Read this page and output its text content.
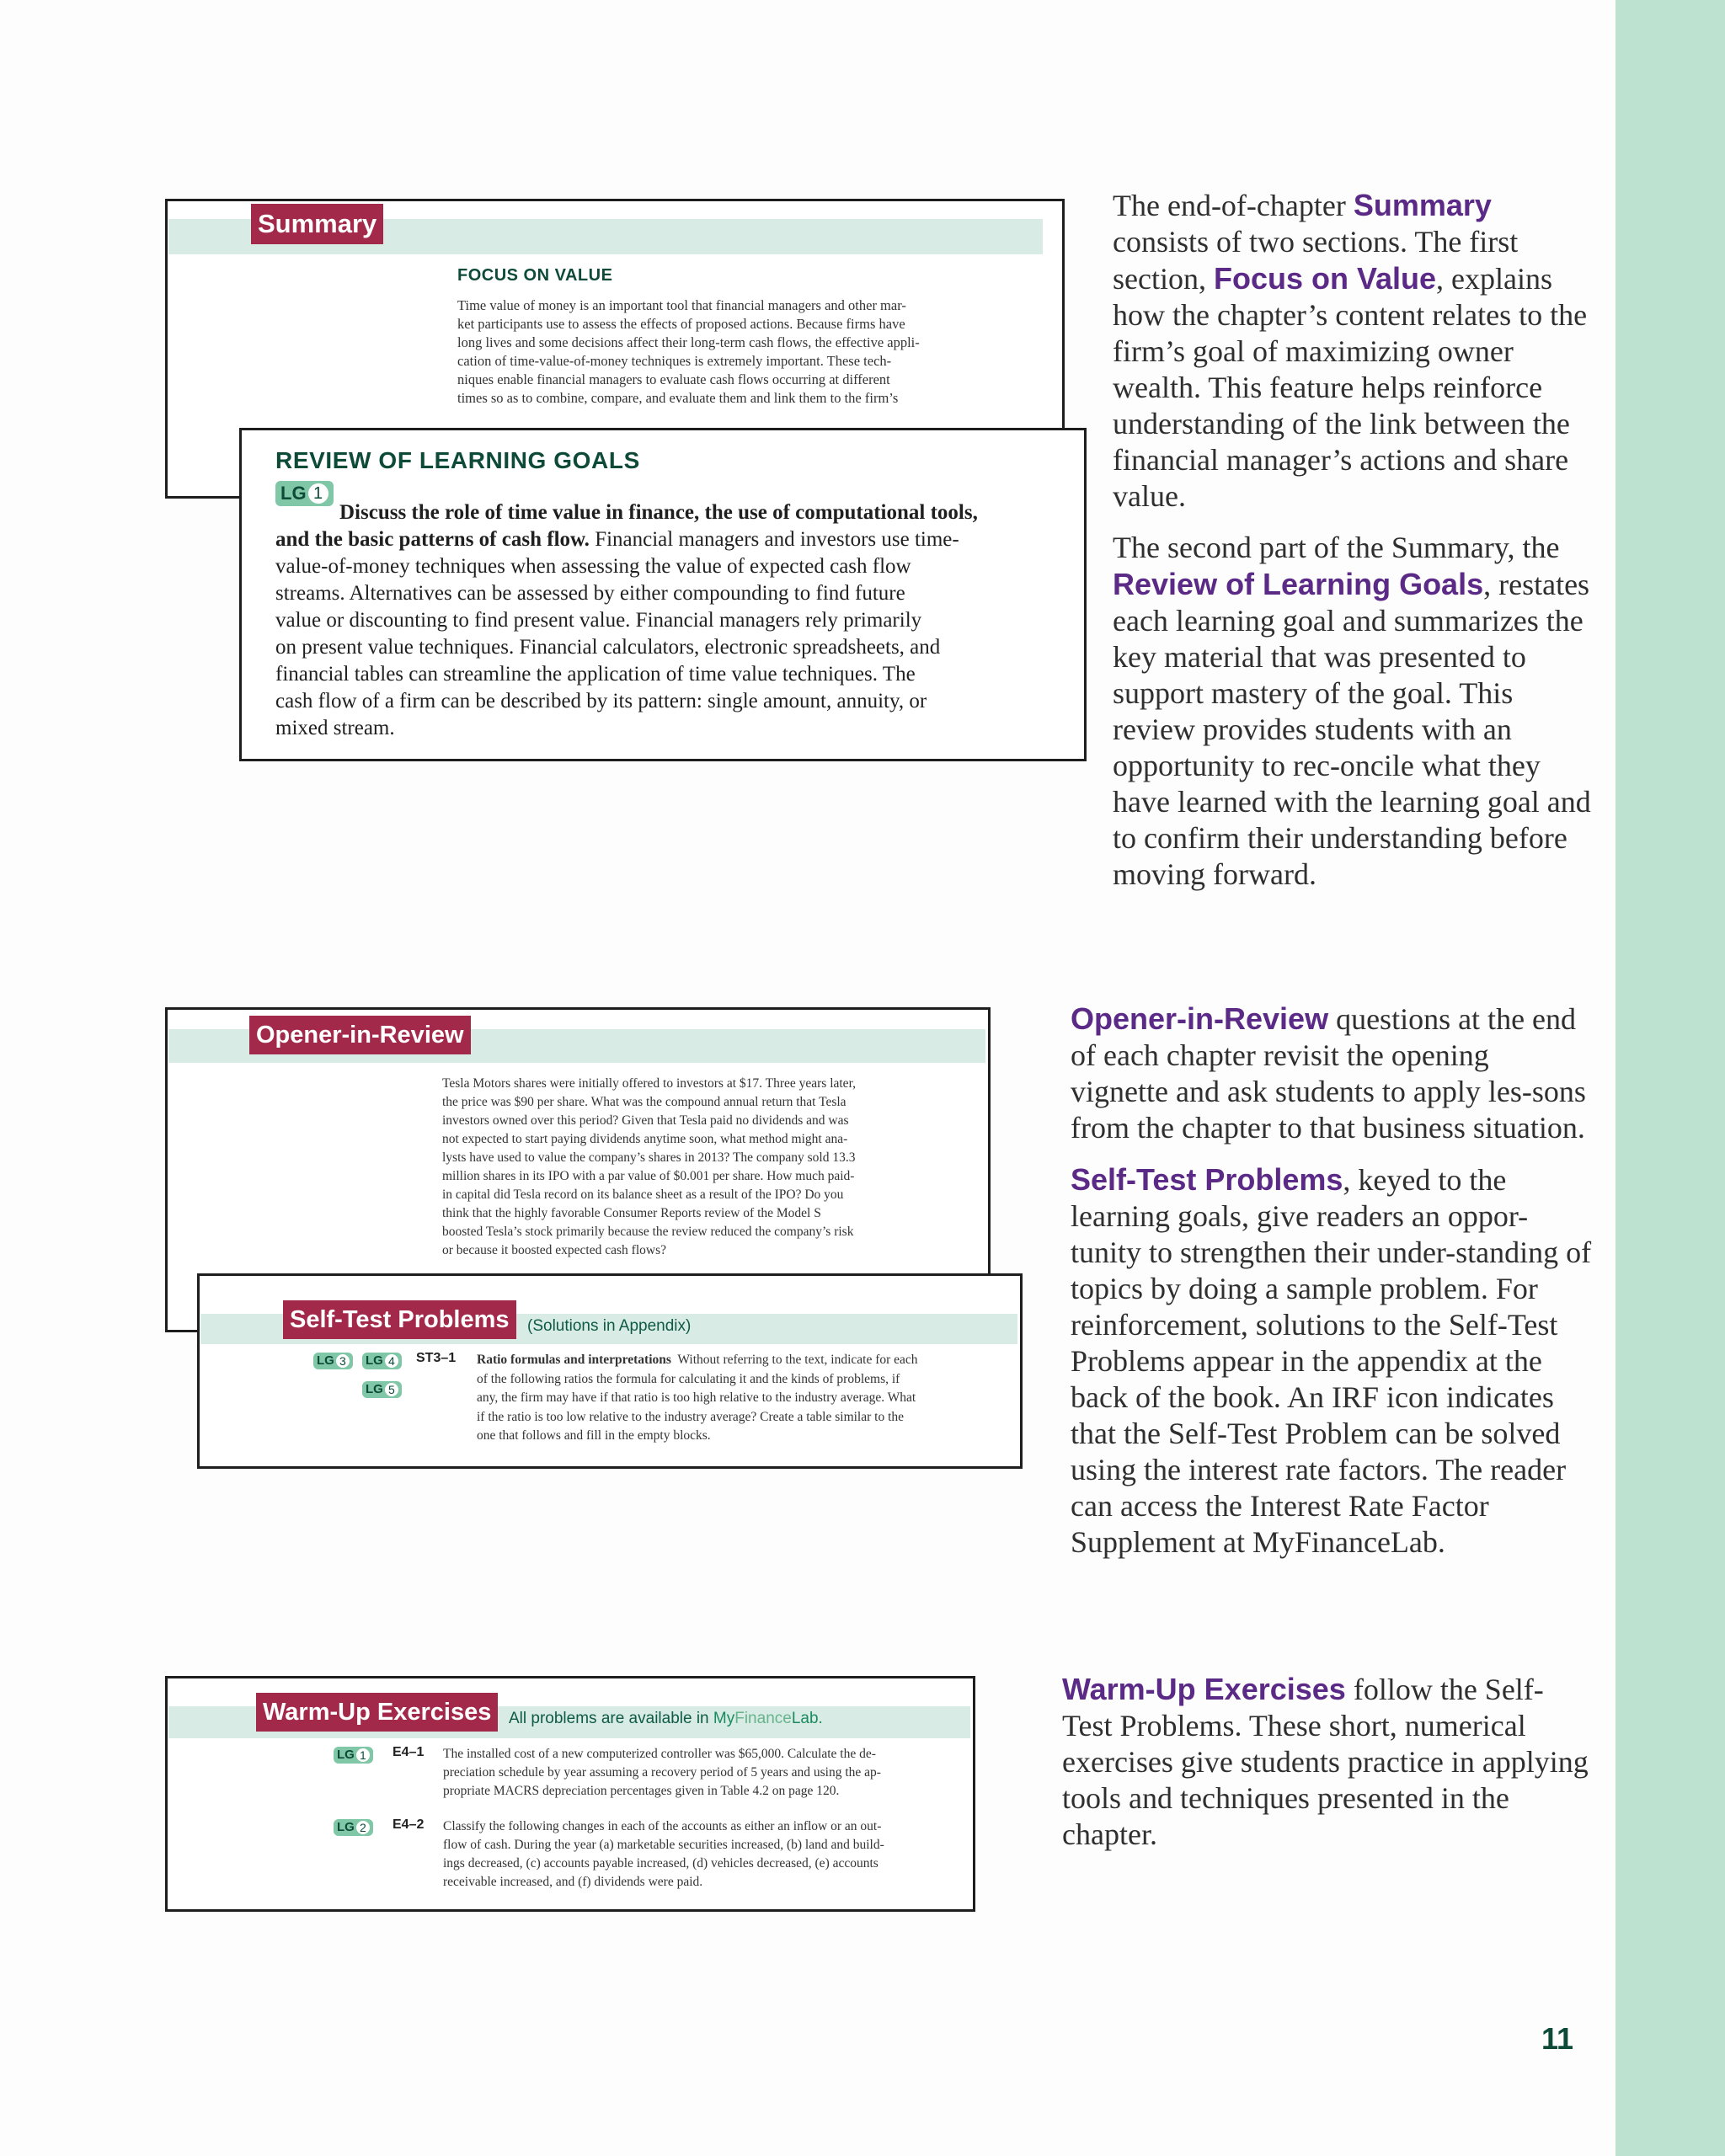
Summary
FOCUS ON VALUE
Time value of money is an important tool that financial managers and other mar-
ket participants use to assess the effects of proposed actions. Because firms have
long lives and some decisions affect their long-term cash flows, the effective appli-
cation of time-value-of-money techniques is extremely important. These tech-
niques enable financial managers to evaluate cash flows occurring at different
times so as to combine, compare, and evaluate them and link them to the firm’s
REVIEW OF LEARNING GOALS
LG 1
Discuss the role of time value in finance, the use of computational tools,
and the basic patterns of cash flow. Financial managers and investors use time-
value-of-money techniques when assessing the value of expected cash flow
streams. Alternatives can be assessed by either compounding to find future
value or discounting to find present value. Financial managers rely primarily
on present value techniques. Financial calculators, electronic spreadsheets, and
financial tables can streamline the application of time value techniques. The
cash flow of a firm can be described by its pattern: single amount, annuity, or
mixed stream.

The end-of-chapter Summary consists of two sections. The first section, Focus on Value, explains how the chapter’s content relates to the firm’s goal of maximizing owner wealth. This feature helps reinforce understanding of the link between the financial manager’s actions and share value.

The second part of the Summary, the Review of Learning Goals, restates each learning goal and summarizes the key material that was presented to support mastery of the goal. This review provides students with an opportunity to rec-oncile what they have learned with the learning goal and to confirm their understanding before moving forward.

Opener-in-Review
Tesla Motors shares were initially offered to investors at $17. Three years later,
the price was $90 per share. What was the compound annual return that Tesla
investors owned over this period? Given that Tesla paid no dividends and was
not expected to start paying dividends anytime soon, what method might ana-
lysts have used to value the company’s shares in 2013? The company sold 13.3
million shares in its IPO with a par value of $0.001 per share. How much paid-
in capital did Tesla record on its balance sheet as a result of the IPO? Do you
think that the highly favorable Consumer Reports review of the Model S
boosted Tesla’s stock primarily because the review reduced the company’s risk
or because it boosted expected cash flows?
Self-Test Problems	(Solutions in Appendix)
LG 3 LG 4
LG 5
ST3–1 Ratio formulas and interpretations Without referring to the text, indicate for each
of the following ratios the formula for calculating it and the kinds of problems, if
any, the firm may have if that ratio is too high relative to the industry average. What
if the ratio is too low relative to the industry average? Create a table similar to the
one that follows and fill in the empty blocks.

Opener-in-Review questions at the end of each chapter revisit the opening vignette and ask students to apply les-sons from the chapter to that business situation.

Self-Test Problems, keyed to the learning goals, give readers an oppor-tunity to strengthen their under-standing of topics by doing a sample problem. For reinforcement, solutions to the Self-Test Problems appear in the appendix at the back of the book. An IRF icon indicates that the Self-Test Problem can be solved using the interest rate factors. The reader can access the Interest Rate Factor Supplement at MyFinanceLab.

Warm-Up Exercises	All problems are available in MyFinanceLab.
LG 1 E4–1 The installed cost of a new computerized controller was $65,000. Calculate the de-
preciation schedule by year assuming a recovery period of 5 years and using the ap-
propriate MACRS depreciation percentages given in Table 4.2 on page 120.
LG 2 E4–2 Classify the following changes in each of the accounts as either an inflow or an out-
flow of cash. During the year (a) marketable securities increased, (b) land and build-
ings decreased, (c) accounts payable increased, (d) vehicles decreased, (e) accounts
receivable increased, and (f) dividends were paid.

Warm-Up Exercises follow the Self-Test Problems. These short, numerical exercises give students practice in applying tools and techniques presented in the chapter.

11
